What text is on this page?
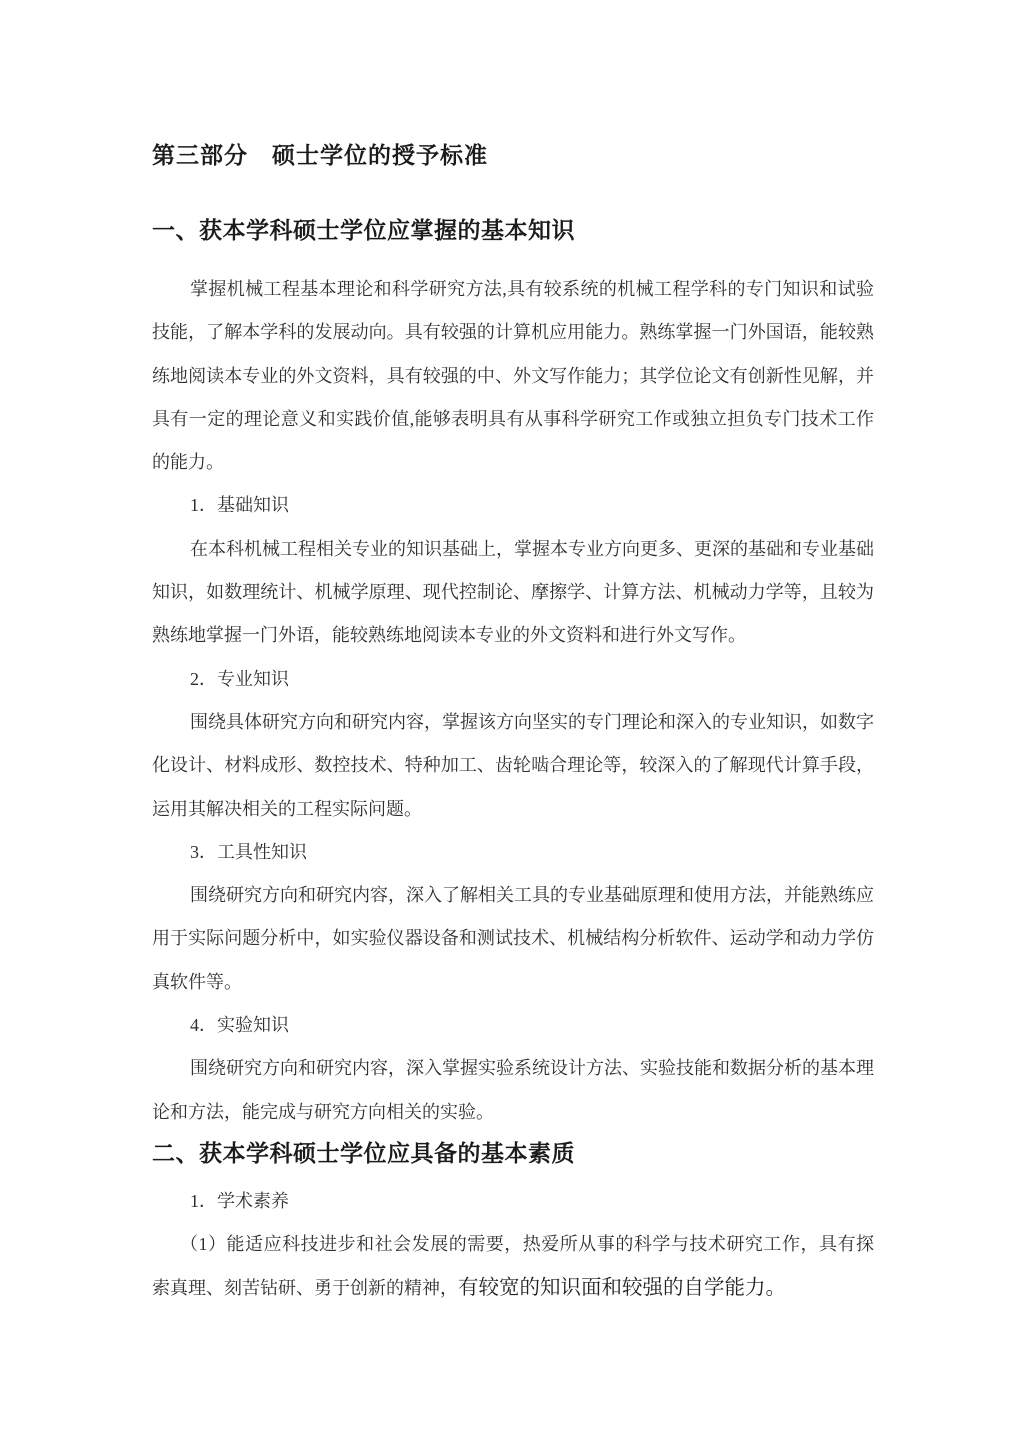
第三部分　硕士学位的授予标准
一、获本学科硕士学位应掌握的基本知识
掌握机械工程基本理论和科学研究方法,具有较系统的机械工程学科的专门知识和试验
技能，了解本学科的发展动向。具有较强的计算机应用能力。熟练掌握一门外国语，能较熟
练地阅读本专业的外文资料，具有较强的中、外文写作能力；其学位论文有创新性见解，并
具有一定的理论意义和实践价值,能够表明具有从事科学研究工作或独立担负专门技术工作
的能力。
1．基础知识
在本科机械工程相关专业的知识基础上，掌握本专业方向更多、更深的基础和专业基础
知识，如数理统计、机械学原理、现代控制论、摩擦学、计算方法、机械动力学等，且较为
熟练地掌握一门外语，能较熟练地阅读本专业的外文资料和进行外文写作。
2．专业知识
围绕具体研究方向和研究内容，掌握该方向坚实的专门理论和深入的专业知识，如数字
化设计、材料成形、数控技术、特种加工、齿轮啮合理论等，较深入的了解现代计算手段，
运用其解决相关的工程实际问题。
3．工具性知识
围绕研究方向和研究内容，深入了解相关工具的专业基础原理和使用方法，并能熟练应
用于实际问题分析中，如实验仪器设备和测试技术、机械结构分析软件、运动学和动力学仿
真软件等。
4．实验知识
围绕研究方向和研究内容，深入掌握实验系统设计方法、实验技能和数据分析的基本理
论和方法，能完成与研究方向相关的实验。
二、获本学科硕士学位应具备的基本素质
1．学术素养
（1）能适应科技进步和社会发展的需要，热爱所从事的科学与技术研究工作，具有探
索真理、刻苦钻研、勇于创新的精神，有较宽的知识面和较强的自学能力。
